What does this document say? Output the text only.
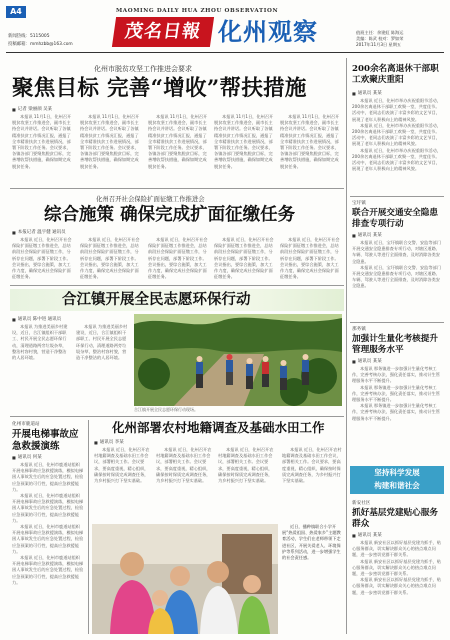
A4	MAOMING DAILY HUA ZHOU OBSERVATION
新闻热线：5115005
投稿邮箱：mmhzbb@163.com
茂名日報 化州观察	值班主任：余建虹 陈海运
美编：陈武 校对：罗如荣
2017年11月3日 星期五
化州市脱贫攻坚工作推进会要求
聚焦目标 完善“增收”帮扶措施
■ 记者 梁丽颜 吴某

本报讯 11月1日，化州召开脱贫攻坚工作推进会，副市长主持会议并讲话。会议听取了各镇精准扶贫工作情况汇报，通报了全市精准扶贫工作进展情况，部署下阶段工作任务。会议要求，各镇各部门要聚焦脱贫目标，完善增收帮扶措施，确保如期完成脱贫任务。

本报讯 11月1日，化州召开脱贫攻坚工作推进会，副市长主持会议并讲话。会议听取了各镇精准扶贫工作情况汇报，通报了全市精准扶贫工作进展情况，部署下阶段工作任务。会议要求，各镇各部门要聚焦脱贫目标，完善增收帮扶措施，确保如期完成脱贫任务。

本报讯 11月1日，化州召开脱贫攻坚工作推进会，副市长主持会议并讲话。会议听取了各镇精准扶贫工作情况汇报，通报了全市精准扶贫工作进展情况，部署下阶段工作任务。会议要求，各镇各部门要聚焦脱贫目标，完善增收帮扶措施，确保如期完成脱贫任务。

本报讯 11月1日，化州召开脱贫攻坚工作推进会，副市长主持会议并讲话。会议听取了各镇精准扶贫工作情况汇报，通报了全市精准扶贫工作进展情况，部署下阶段工作任务。会议要求，各镇各部门要聚焦脱贫目标，完善增收帮扶措施，确保如期完成脱贫任务。

本报讯 11月1日，化州召开脱贫攻坚工作推进会，副市长主持会议并讲话。会议听取了各镇精准扶贫工作情况汇报，通报了全市精准扶贫工作进展情况，部署下阶段工作任务。会议要求，各镇各部门要聚焦脱贫目标，完善增收帮扶措施，确保如期完成脱贫任务。

化州召开社会保险扩面征缴工作推进会
综合施策 确保完成扩面征缴任务
■ 本报记者 温宇健 通讯员

本报讯 近日，化州召开社会保险扩面征缴工作推进会，总结前段社会保险扩面征缴工作，分析存在问题，部署下阶段工作。会议指出，要综合施策，加大工作力度，确保完成社会保险扩面征缴任务。

本报讯 近日，化州召开社会保险扩面征缴工作推进会，总结前段社会保险扩面征缴工作，分析存在问题，部署下阶段工作。会议指出，要综合施策，加大工作力度，确保完成社会保险扩面征缴任务。

本报讯 近日，化州召开社会保险扩面征缴工作推进会，总结前段社会保险扩面征缴工作，分析存在问题，部署下阶段工作。会议指出，要综合施策，加大工作力度，确保完成社会保险扩面征缴任务。

本报讯 近日，化州召开社会保险扩面征缴工作推进会，总结前段社会保险扩面征缴工作，分析存在问题，部署下阶段工作。会议指出，要综合施策，加大工作力度，确保完成社会保险扩面征缴任务。

本报讯 近日，化州召开社会保险扩面征缴工作推进会，总结前段社会保险扩面征缴工作，分析存在问题，部署下阶段工作。会议指出，要综合施策，加大工作力度，确保完成社会保险扩面征缴任务。

合江镇开展全民志愿环保行动
■ 通讯员 陈中进 通讯员

本报讯 为推进美丽乡村建设，近日，合江镇组织干部职工、村民开展全民志愿环保行动，清理道路两旁垃圾杂草，整治村容村貌，营造干净整洁的人居环境。

本报讯 为推进美丽乡村建设，近日，合江镇组织干部职工、村民开展全民志愿环保行动，清理道路两旁垃圾杂草，整治村容村貌，营造干净整洁的人居环境。

合江镇开展全民志愿环保行动现场。
化州市鹿道站
开展电梯事故应急救援演练
■ 通讯员 何某

本报讯 近日，化州市鹿道站组织开展电梯事故应急救援演练，模拟电梯困人事故发生后的应急处置过程，检验应急预案的可行性，提高应急救援能力。

本报讯 近日，化州市鹿道站组织开展电梯事故应急救援演练，模拟电梯困人事故发生后的应急处置过程，检验应急预案的可行性，提高应急救援能力。

本报讯 近日，化州市鹿道站组织开展电梯事故应急救援演练，模拟电梯困人事故发生后的应急处置过程，检验应急预案的可行性，提高应急救援能力。

本报讯 近日，化州市鹿道站组织开展电梯事故应急救援演练，模拟电梯困人事故发生后的应急处置过程，检验应急预案的可行性，提高应急救援能力。

化州部署农村地籍调查及基础水田工作
■ 通讯员 李某

本报讯 近日，化州召开农村地籍调查及基础水田工作会议，部署相关工作。会议要求，要高度重视，精心组织，确保按时保质完成调查任务，为乡村振兴打下坚实基础。

本报讯 近日，化州召开农村地籍调查及基础水田工作会议，部署相关工作。会议要求，要高度重视，精心组织，确保按时保质完成调查任务，为乡村振兴打下坚实基础。

本报讯 近日，化州召开农村地籍调查及基础水田工作会议，部署相关工作。会议要求，要高度重视，精心组织，确保按时保质完成调查任务，为乡村振兴打下坚实基础。

本报讯 近日，化州召开农村地籍调查及基础水田工作会议，部署相关工作。会议要求，要高度重视，精心组织，确保按时保质完成调查任务，为乡村振兴打下坚实基础。

近日，播种镇联合小学开展“热爱祖国、热爱家乡”主题教育活动，学生们在老师带领下走进社区，开展关爱老人、环境保护等系列活动，进一步增强学生的社会责任感。

200余名离退休干部职工欢聚庆重阳
■ 通讯员 某某

本报讯 近日，化州市举办庆祝重阳节活动，200余名离退休干部职工欢聚一堂，共度佳节。活动中，老同志们表演了丰富多彩的文艺节目，展现了老年人积极向上的精神风貌。

本报讯 近日，化州市举办庆祝重阳节活动，200余名离退休干部职工欢聚一堂，共度佳节。活动中，老同志们表演了丰富多彩的文艺节目，展现了老年人积极向上的精神风貌。

本报讯 近日，化州市举办庆祝重阳节活动，200余名离退休干部职工欢聚一堂，共度佳节。活动中，老同志们表演了丰富多彩的文艺节目，展现了老年人积极向上的精神风貌。

宝圩镇
联合开展交通安全隐患排查专项行动
■ 通讯员 某某

本报讯 近日，宝圩镇联合交警、安监等部门开展交通安全隐患排查专项行动，对辖区道路、车辆、驾驶人等进行全面排查，及时消除各类安全隐患。

本报讯 近日，宝圩镇联合交警、安监等部门开展交通安全隐患排查专项行动，对辖区道路、车辆、驾驶人等进行全面排查，及时消除各类安全隐患。

那务镇
加强计生量化考核提升管理服务水平
■ 通讯员 某某

本报讯 那务镇进一步加强计生量化考核工作，完善考核办法，强化责任落实，推动计生管理服务水平不断提升。

本报讯 那务镇进一步加强计生量化考核工作，完善考核办法，强化责任落实，推动计生管理服务水平不断提升。

本报讯 那务镇进一步加强计生量化考核工作，完善考核办法，强化责任落实，推动计生管理服务水平不断提升。

坚持科学发展
构建和谐社会
新安社区
抓好基层党建贴心服务群众
■ 通讯员 某某

本报讯 新安社区以抓好基层党建为抓手，贴心服务群众，切实解决群众关心的热点难点问题，进一步密切党群干群关系。

本报讯 新安社区以抓好基层党建为抓手，贴心服务群众，切实解决群众关心的热点难点问题，进一步密切党群干群关系。

本报讯 新安社区以抓好基层党建为抓手，贴心服务群众，切实解决群众关心的热点难点问题，进一步密切党群干群关系。
